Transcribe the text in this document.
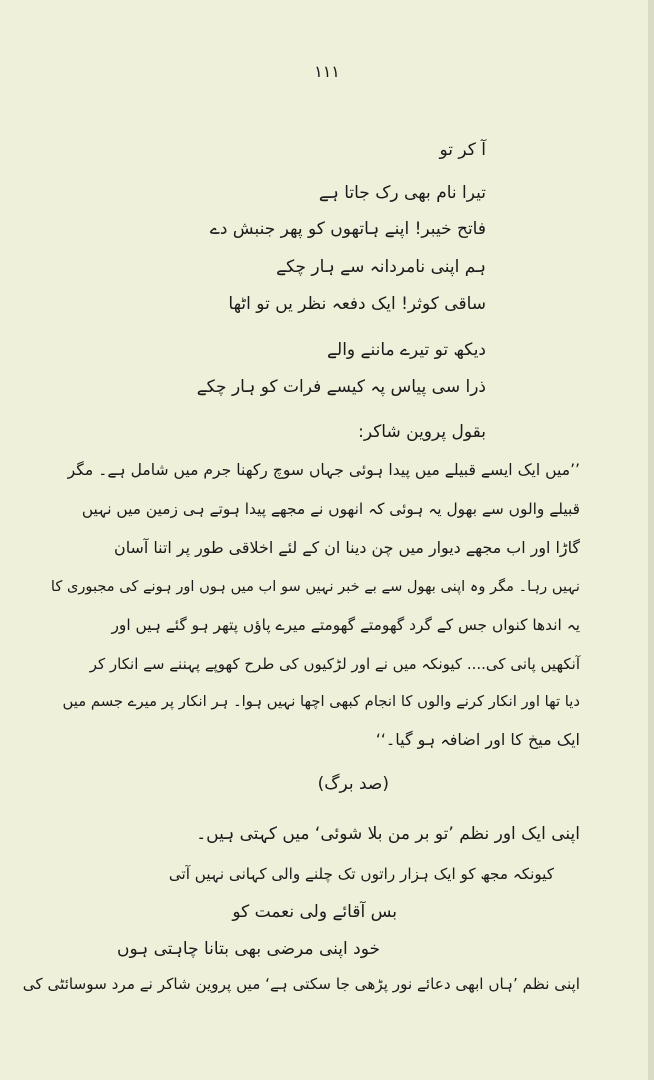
۱۱۱
آ کر تو
تیرا نام بھی رک جاتا ہے
فاتح خیبر! اپنے ہاتھوں کو پھر جنبش دے
ہم اپنی نامردانہ سے ہار چکے
ساقی کوثر! ایک دفعہ نظر یں تو اٹھا
دیکھ تو تیرے ماننے والے
ذرا سی پیاس پہ کیسے فرات کو ہار چکے
بقول پروین شاکر:
’’میں ایک ایسے قبیلے میں پیدا ہوئی جہاں سوچ رکھنا جرم میں شامل ہے۔ مگر
قبیلے والوں سے بھول یہ ہوئی کہ انھوں نے مجھے پیدا ہوتے ہی زمین میں نہیں
گاڑا اور اب مجھے دیوار میں چن دینا ان کے لئے اخلاقی طور پر اتنا آسان
نہیں رہا۔ مگر وہ اپنی بھول سے بے خبر نہیں سو اب میں ہوں اور ہونے کی مجبوری کا
یہ اندھا کنواں جس کے گرد گھومتے گھومتے میرے پاؤں پتھر ہو گئے ہیں اور
آنکھیں پانی کی.... کیونکہ میں نے اور لڑکیوں کی طرح کھوپے پہننے سے انکار کر
دیا تھا اور انکار کرنے والوں کا انجام کبھی اچھا نہیں ہوا۔ ہر انکار پر میرے جسم میں
ایک میخ کا اور اضافہ ہو گیا۔‘‘
(صد برگ)
اپنی ایک اور نظم ’تو بر من بلا شوئی‘ میں کہتی ہیں۔
کیونکہ مجھ کو ایک ہزار راتوں تک چلنے والی کہانی نہیں آتی
بس آقائے ولی نعمت کو
خود اپنی مرضی بھی بتانا چاہتی ہوں
اپنی نظم ’ہاں ابھی دعائے نور پڑھی جا سکتی ہے‘ میں پروین شاکر نے مرد سوسائٹی کی
